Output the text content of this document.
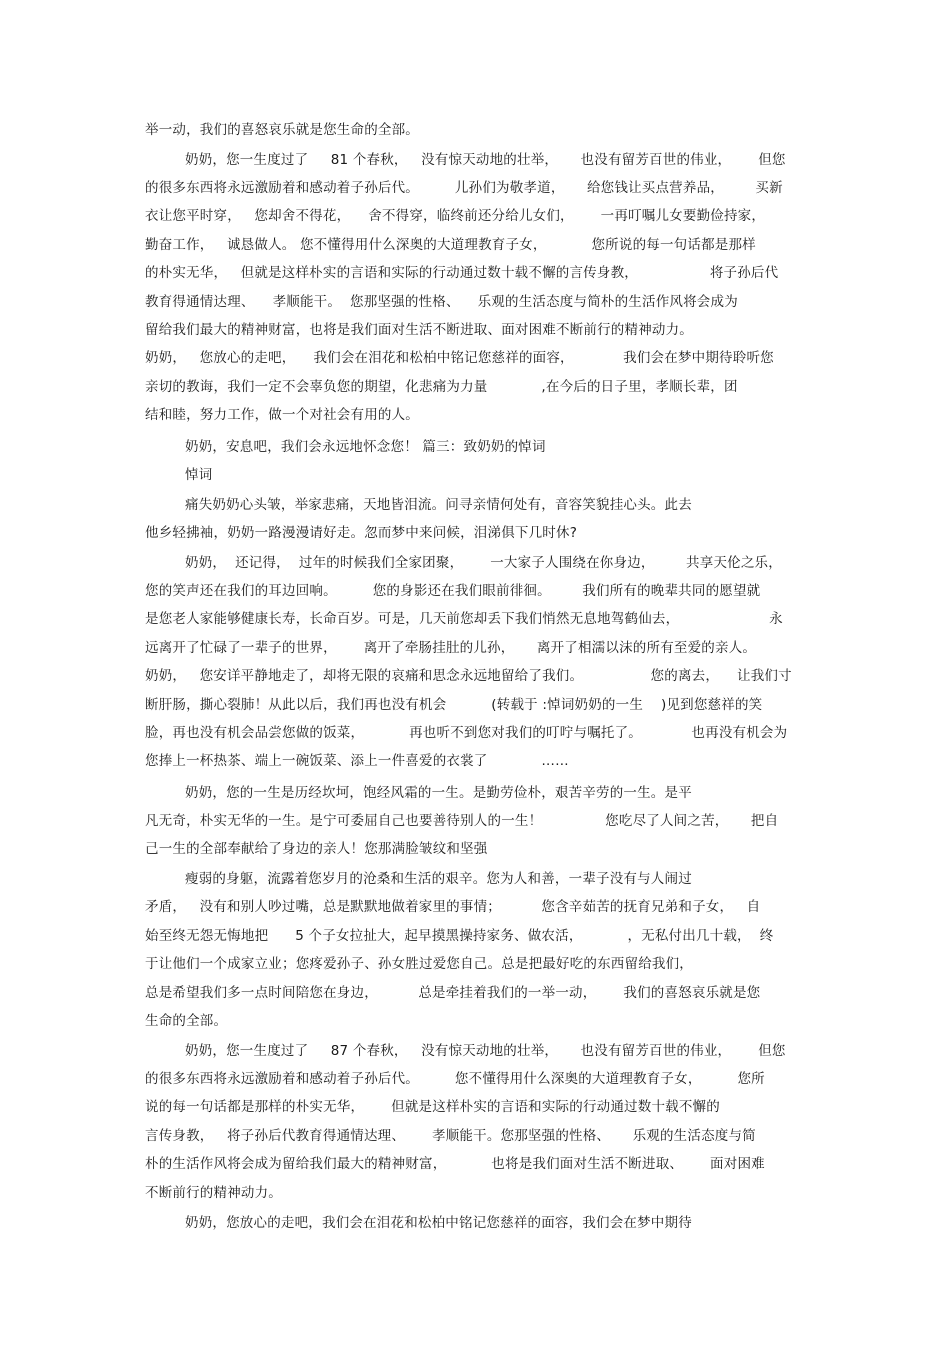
举一动，我们的喜怒哀乐就是您生命的全部。

奶奶，您一生度过了     81 个春秋，   没有惊天动地的壮举，     也没有留芳百世的伟业，      但您

的很多东西将永远激励着和感动着子孙后代。        儿孙们为敬孝道，     给您钱让买点营养品，       买新

衣让您平时穿，   您却舍不得花，    舍不得穿，临终前还分给儿女们，      一再叮嘱儿女要勤俭持家，

勤奋工作，   诚恳做人。 您不懂得用什么深奥的大道理教育子女，          您所说的每一句话都是那样

的朴实无华，   但就是这样朴实的言语和实际的行动通过数十载不懈的言传身教，                将子孙后代

教育得通情达理、    孝顺能干。  您那坚强的性格、    乐观的生活态度与简朴的生活作风将会成为

留给我们最大的精神财富，也将是我们面对生活不断进取、面对困难不断前行的精神动力。

奶奶，   您放心的走吧，    我们会在泪花和松柏中铭记您慈祥的面容，           我们会在梦中期待聆听您

亲切的教诲，我们一定不会辜负您的期望，化悲痛为力量            ,在今后的日子里，孝顺长辈，团

结和睦，努力工作，做一个对社会有用的人。

奶奶，安息吧，我们会永远地怀念您！ 篇三：致奶奶的悼词

悼词

痛失奶奶心头皱，举家悲痛，天地皆泪流。问寻亲情何处有，音容笑貌挂心头。此去

他乡轻拂袖，奶奶一路漫漫请好走。忽而梦中来问候，泪涕俱下几时休?

奶奶，  还记得，  过年的时候我们全家团聚，      一大家子人围绕在你身边，       共享天伦之乐，

您的笑声还在我们的耳边回响。        您的身影还在我们眼前徘徊。       我们所有的晚辈共同的愿望就

是您老人家能够健康长寿，长命百岁。可是，几天前您却丢下我们悄然无息地驾鹤仙去，                    永

远离开了忙碌了一辈子的世界，      离开了牵肠挂肚的儿孙，     离开了相濡以沫的所有至爱的亲人。

奶奶，   您安详平静地走了，却将无限的哀痛和思念永远地留给了我们。               您的离去，    让我们寸

断肝肠，撕心裂肺！从此以后，我们再也没有机会          (转载于 :悼词奶奶的一生    )见到您慈祥的笑

脸，再也没有机会品尝您做的饭菜，          再也听不到您对我们的叮咛与嘱托了。           也再没有机会为

您捧上一杯热茶、端上一碗饭菜、添上一件喜爱的衣裳了            ……

奶奶，您的一生是历经坎坷，饱经风霜的一生。是勤劳俭朴，艰苦辛劳的一生。是平

凡无奇，朴实无华的一生。是宁可委屈自己也要善待别人的一生！              您吃尽了人间之苦，     把自

己一生的全部奉献给了身边的亲人！您那满脸皱纹和坚强

瘦弱的身躯，流露着您岁月的沧桑和生活的艰辛。您为人和善，一辈子没有与人闹过

矛盾，   没有和别人吵过嘴，总是默默地做着家里的事情；         您含辛茹苦的抚育兄弟和子女，   自

始至终无怨无悔地把      5 个子女拉扯大，起早摸黑操持家务、做农活，          ，无私付出几十载，  终

于让他们一个成家立业；您疼爱孙子、孙女胜过爱您自己。总是把最好吃的东西留给我们，

总是希望我们多一点时间陪您在身边，         总是牵挂着我们的一举一动，      我们的喜怒哀乐就是您

生命的全部。

奶奶，您一生度过了     87 个春秋，   没有惊天动地的壮举，     也没有留芳百世的伟业，      但您

的很多东西将永远激励着和感动着子孙后代。        您不懂得用什么深奥的大道理教育子女，        您所

说的每一句话都是那样的朴实无华，      但就是这样朴实的言语和实际的行动通过数十载不懈的

言传身教，   将子孙后代教育得通情达理、      孝顺能干。您那坚强的性格、     乐观的生活态度与简

朴的生活作风将会成为留给我们最大的精神财富，          也将是我们面对生活不断进取、      面对困难

不断前行的精神动力。

奶奶，您放心的走吧，我们会在泪花和松柏中铭记您慈祥的面容，我们会在梦中期待
